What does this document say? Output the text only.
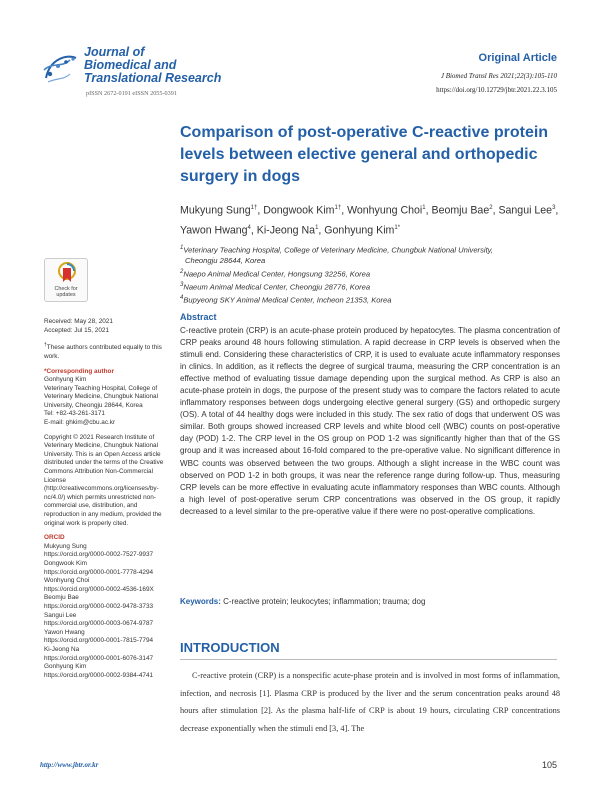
Journal of
Biomedical and
Translational Research
pISSN 2672-0191 eISSN 2055-0391
Original Article
J Biomed Transl Res 2021;22(3):105-110
https://doi.org/10.12729/jbtr.2021.22.3.105
Comparison of post-operative C-reactive protein levels between elective general and orthopedic surgery in dogs
Mukyung Sung$^{1\dagger}$, Dongwook Kim$^{1\dagger}$, Wonhyung Choi$^1$, Beomju Bae$^2$, Sangui Lee$^3$, Yawon Hwang$^4$, Ki-Jeong Na$^1$, Gonhyung Kim$^{1*}$
$^1$Veterinary Teaching Hospital, College of Veterinary Medicine, Chungbuk National University,
Cheongju 28644, Korea
$^2$Naepo Animal Medical Center, Hongsung 32256, Korea
$^3$Naeum Animal Medical Center, Cheongju 28776, Korea
$^4$Bupyeong SKY Animal Medical Center, Incheon 21353, Korea
Check for
updates
Received: May 28, 2021
Accepted: Jul 15, 2021
†These authors contributed equally to this work.
*Corresponding author
Gonhyung Kim
Veterinary Teaching Hospital, College of Veterinary Medicine, Chungbuk National University, Cheongju 28644, Korea
Tel: +82-43-261-3171
E-mail: ghkim@cbu.ac.kr
Copyright © 2021 Research Institute of Veterinary Medicine, Chungbuk National University. This is an Open Access article distributed under the terms of the Creative Commons Attribution Non-Commercial License (http://creativecommons.org/licenses/by-nc/4.0/) which permits unrestricted non-commercial use, distribution, and reproduction in any medium, provided the original work is properly cited.
ORCID
Mukyung Sung
https://orcid.org/0000-0002-7527-9937
Dongwook Kim
https://orcid.org/0000-0001-7778-4294
Wonhyung Choi
https://orcid.org/0000-0002-4536-169X
Beomju Bae
https://orcid.org/0000-0002-9478-3733
Sangui Lee
https://orcid.org/0000-0003-0674-9787
Yawon Hwang
https://orcid.org/0000-0001-7815-7794
Ki-Jeong Na
https://orcid.org/0000-0001-6076-3147
Gonhyung Kim
https://orcid.org/0000-0002-9384-4741
Abstract
C-reactive protein (CRP) is an acute-phase protein produced by hepatocytes. The plasma concentration of CRP peaks around 48 hours following stimulation. A rapid decrease in CRP levels is observed when the stimuli end. Considering these characteristics of CRP, it is used to evaluate acute inflammatory responses in clinics. In addition, as it reflects the degree of surgical trauma, measuring the CRP concentration is an effective method of evaluating tissue damage depending upon the surgical method. As CRP is also an acute-phase protein in dogs, the purpose of the present study was to compare the factors related to acute inflammatory responses between dogs undergoing elective general surgery (GS) and orthopedic surgery (OS). A total of 44 healthy dogs were included in this study. The sex ratio of dogs that underwent OS was similar. Both groups showed increased CRP levels and white blood cell (WBC) counts on post-operative day (POD) 1-2. The CRP level in the OS group on POD 1-2 was significantly higher than that of the GS group and it was increased about 16-fold compared to the pre-operative value. No significant difference in WBC counts was observed between the two groups. Although a slight increase in the WBC count was observed on POD 1-2 in both groups, it was near the reference range during follow-up. Thus, measuring CRP levels can be more effective in evaluating acute inflammatory responses than WBC counts. Although a high level of post-operative serum CRP concentrations was observed in the OS group, it rapidly decreased to a level similar to the pre-operative value if there were no post-operative complications.
Keywords: C-reactive protein; leukocytes; inflammation; trauma; dog
INTRODUCTION
C-reactive protein (CRP) is a nonspecific acute-phase protein and is involved in most forms of inflammation, infection, and necrosis [1]. Plasma CRP is produced by the liver and the serum concentration peaks around 48 hours after stimulation [2]. As the plasma half-life of CRP is about 19 hours, circulating CRP concentrations decrease exponentially when the stimuli end [3, 4]. The
http://www.jbtr.or.kr	105
